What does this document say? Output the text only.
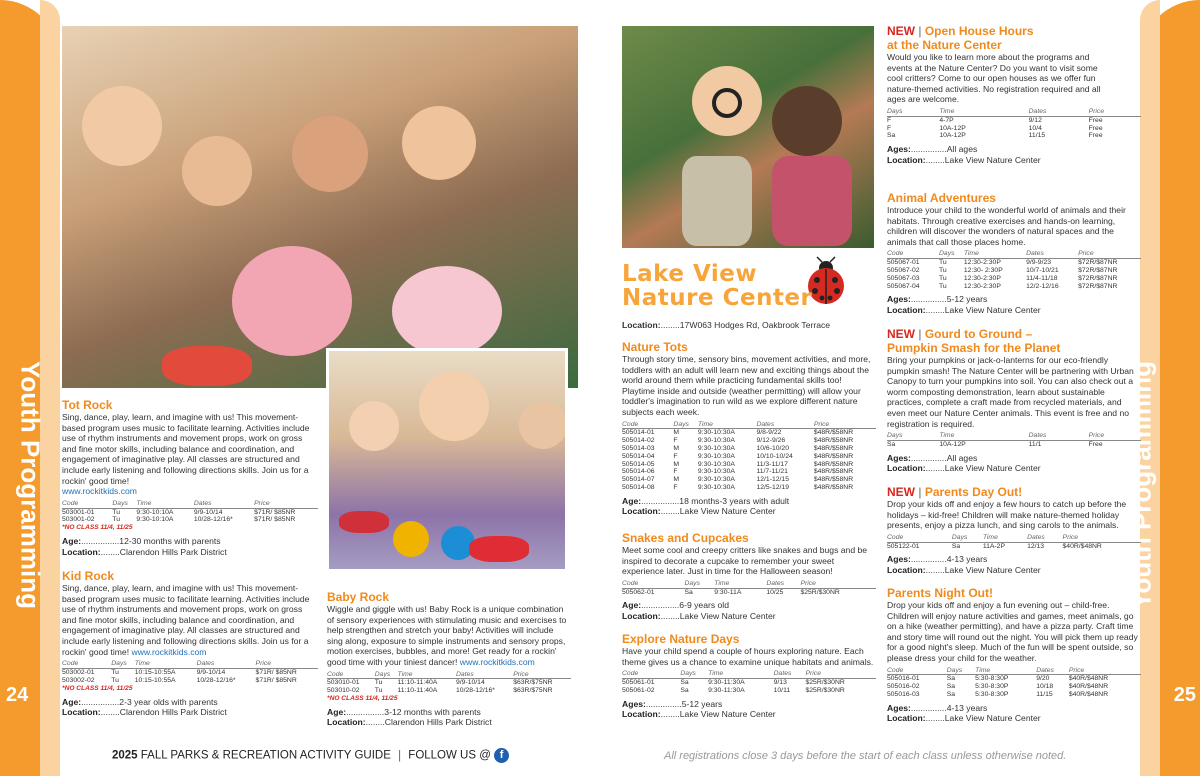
Youth Programming	Youth Programming
24	25
Tot Rock
Sing, dance, play, learn, and imagine with us! This movement-based program uses music to facilitate learning. Activities include use of rhythm instruments and movement props, work on gross and fine motor skills, including balance and coordination, and engagement of imaginative play. All classes are structured and include early listening and following directions skills. Join us for a rockin' good time!
www.rockitkids.com
Code	Days	Time	Dates	Price
503001-01	Tu	9:30-10:10A	9/9-10/14	$71R/ $85NR
503001-02	Tu	9:30-10:10A	10/28-12/16*	$71R/ $85NR
*NO CLASS 11/4, 11/25
Age:................12-30 months with parents
Location:........Clarendon Hills Park District
Kid Rock
Sing, dance, play, learn, and imagine with us! This movement-based program uses music to facilitate learning. Activities include use of rhythm instruments and movement props, work on gross and fine motor skills, including balance and coordination, and engagement of imaginative play. All classes are structured and include early listening and following directions skills. Join us for a rockin' good time! www.rockitkids.com
Code	Days	Time	Dates	Price
503002-01	Tu	10:15-10:55A	9/9-10/14	$71R/ $85NR
503002-02	Tu	10:15-10:55A	10/28-12/16*	$71R/ $85NR
*NO CLASS 11/4, 11/25
Age:................2-3 year olds with parents
Location:........Clarendon Hills Park District
Baby Rock
Wiggle and giggle with us! Baby Rock is a unique combination of sensory experiences with stimulating music and exercises to help strengthen and stretch your baby! Activities will include sing along, exposure to simple instruments and sensory props, motion exercises, bubbles, and more! Get ready for a rockin' good time with your tiniest dancer! www.rockitkids.com
Code	Days	Time	Dates	Price
503010-01	Tu	11:10-11:40A	9/9-10/14	$63R/$75NR
503010-02	Tu	11:10-11:40A	10/28-12/16*	$63R/$75NR
*NO CLASS 11/4, 11/25
Age:................3-12 months with parents
Location:........Clarendon Hills Park District
Lake View
Nature Center
Location:........17W063 Hodges Rd, Oakbrook Terrace
Nature Tots
Through story time, sensory bins, movement activities, and more, toddlers with an adult will learn new and exciting things about the world around them while practicing fundamental skills too! Playtime inside and outside (weather permitting) will allow your toddler's imagination to run wild as we explore different nature subjects each week.
Code	Days	Time	Dates	Price
505014-01	M	9:30-10:30A	9/8-9/22	$48R/$58NR
505014-02	F	9:30-10:30A	9/12-9/26	$48R/$58NR
505014-03	M	9:30-10:30A	10/6-10/20	$48R/$58NR
505014-04	F	9:30-10:30A	10/10-10/24	$48R/$58NR
505014-05	M	9:30-10:30A	11/3-11/17	$48R/$58NR
505014-06	F	9:30-10:30A	11/7-11/21	$48R/$58NR
505014-07	M	9:30-10:30A	12/1-12/15	$48R/$58NR
505014-08	F	9:30-10:30A	12/5-12/19	$48R/$58NR
Age:................18 months-3 years with adult
Location:........Lake View Nature Center
Snakes and Cupcakes
Meet some cool and creepy critters like snakes and bugs and be inspired to decorate a cupcake to remember your sweet experience later. Just in time for the Halloween season!
Code	Days	Time	Dates	Price
505062-01	Sa	9:30-11A	10/25	$25R/$30NR
Age:................6-9 years old
Location:........Lake View Nature Center
Explore Nature Days
Have your child spend a couple of hours exploring nature. Each theme gives us a chance to examine unique habitats and animals.
Code	Days	Time	Dates	Price
505061-01	Sa	9:30-11:30A	9/13	$25R/$30NR
505061-02	Sa	9:30-11:30A	10/11	$25R/$30NR
Ages:...............5-12 years
Location:........Lake View Nature Center
NEW | Open House Hours at the Nature Center
Would you like to learn more about the programs and events at the Nature Center? Do you want to visit some cool critters? Come to our open houses as we offer fun nature-themed activities. No registration required and all ages are welcome.
Days	Time	Dates	Price
F	4-7P	9/12	Free
F	10A-12P	10/4	Free
Sa	10A-12P	11/15	Free
Ages:...............All ages
Location:........Lake View Nature Center
Animal Adventures
Introduce your child to the wonderful world of animals and their habitats. Through creative exercises and hands-on learning, children will discover the wonders of natural spaces and the animals that call those places home.
Code	Days	Time	Dates	Price
505067-01	Tu	12:30-2:30P	9/9-9/23	$72R/$87NR
505067-02	Tu	12:30- 2:30P	10/7-10/21	$72R/$87NR
505067-03	Tu	12:30-2:30P	11/4-11/18	$72R/$87NR
505067-04	Tu	12:30-2:30P	12/2-12/16	$72R/$87NR
Ages:...............5-12 years
Location:........Lake View Nature Center
NEW | Gourd to Ground – Pumpkin Smash for the Planet
Bring your pumpkins or jack-o-lanterns for our eco-friendly pumpkin smash! The Nature Center will be partnering with Urban Canopy to turn your pumpkins into soil. You can also check out a worm composting demonstration, learn about sustainable practices, complete a craft made from recycled materials, and even meet our Nature Center animals. This event is free and no registration is required.
Days	Time	Dates	Price
Sa	10A-12P	11/1	Free
Ages:...............All ages
Location:........Lake View Nature Center
NEW | Parents Day Out!
Drop your kids off and enjoy a few hours to catch up before the holidays – kid-free! Children will make nature-themed holiday presents, enjoy a pizza lunch, and sing carols to the animals.
Code	Days	Time	Dates	Price
505122-01	Sa	11A-2P	12/13	$40R/$48NR
Ages:...............4-13 years
Location:........Lake View Nature Center
Parents Night Out!
Drop your kids off and enjoy a fun evening out – child-free. Children will enjoy nature activities and games, meet animals, go on a hike (weather permitting), and have a pizza party. Craft time and story time will round out the night. You will pick them up ready for a good night's sleep. Much of the fun will be spent outside, so please dress your child for the weather.
Code	Days	Time	Dates	Price
505016-01	Sa	5:30-8:30P	9/20	$40R/$48NR
505016-02	Sa	5:30-8:30P	10/18	$40R/$48NR
505016-03	Sa	5:30-8:30P	11/15	$40R/$48NR
Ages:...............4-13 years
Location:........Lake View Nature Center
2025 FALL PARKS & RECREATION ACTIVITY GUIDE | FOLLOW US @ f	All registrations close 3 days before the start of each class unless otherwise noted.
